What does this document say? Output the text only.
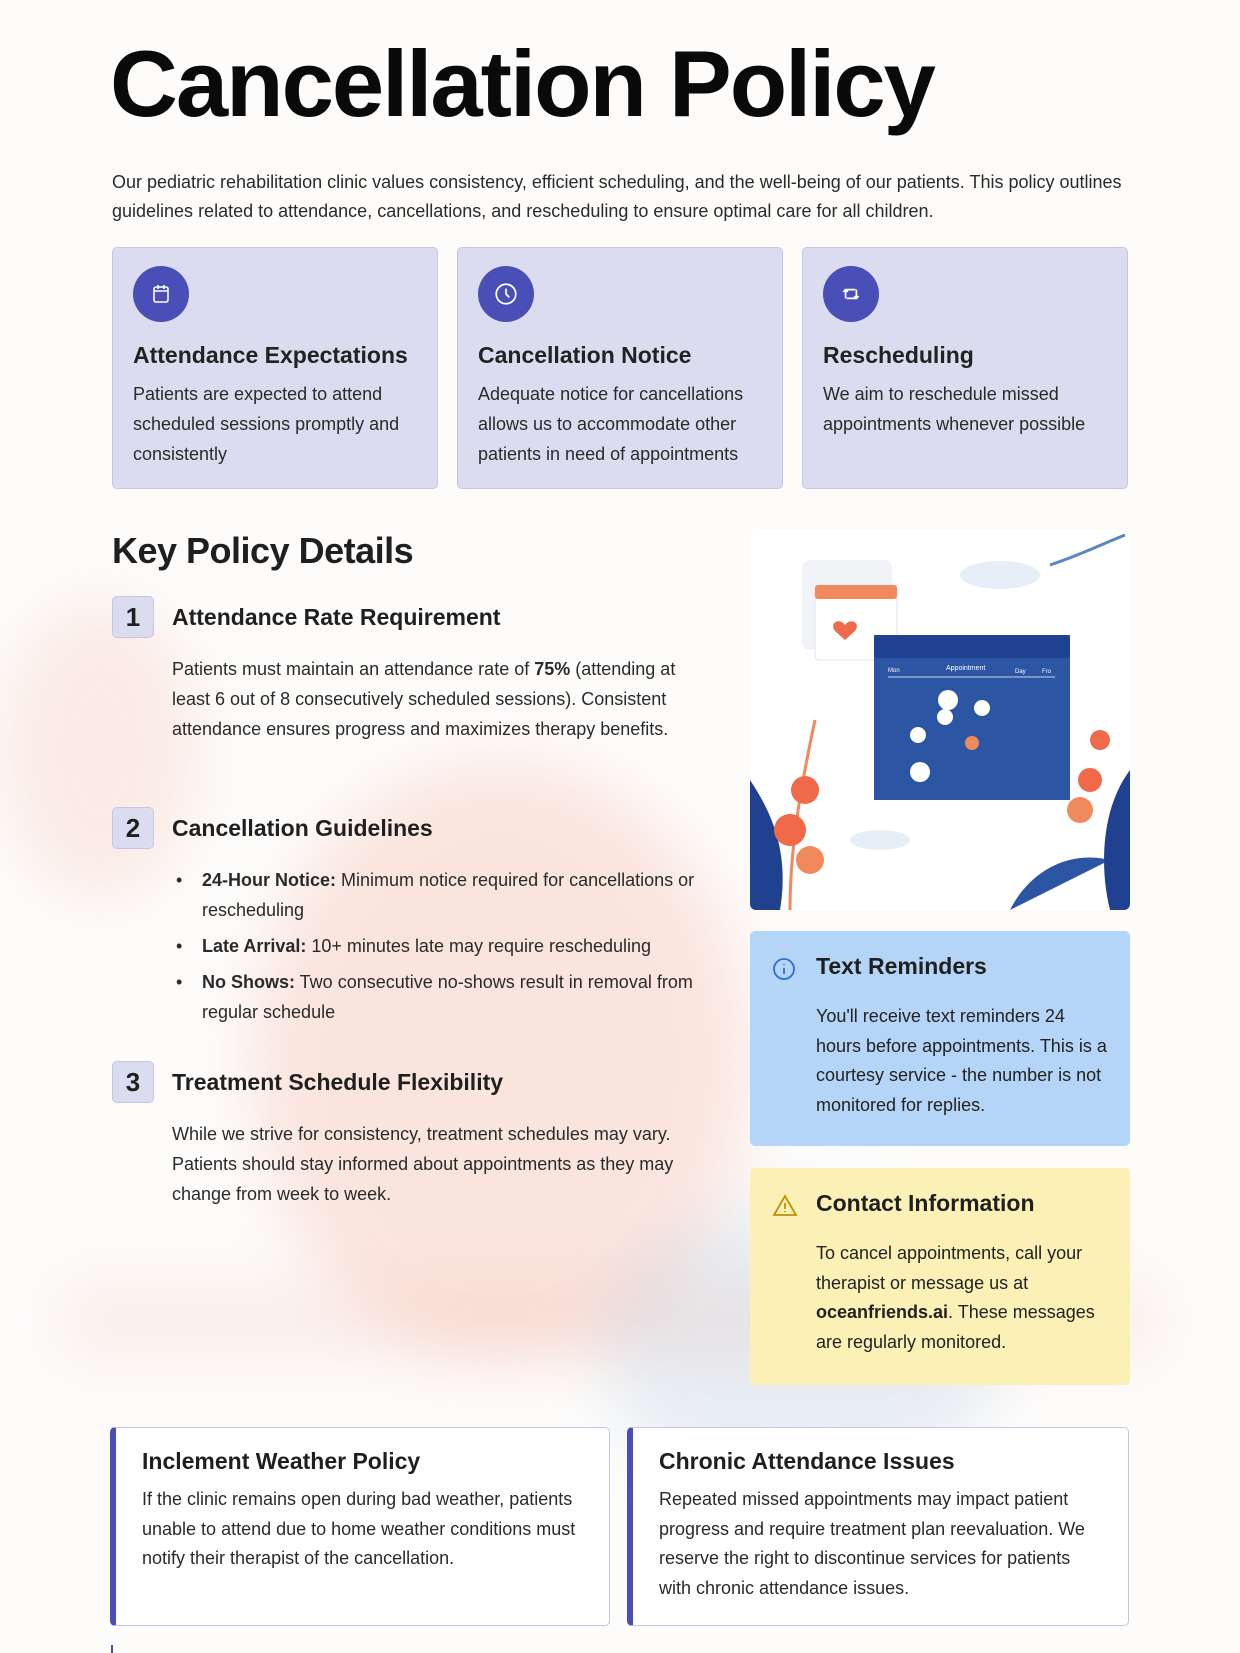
Cancellation Policy

Our pediatric rehabilitation clinic values consistency, efficient scheduling, and the well-being of our patients. This policy outlines guidelines related to attendance, cancellations, and rescheduling to ensure optimal care for all children.

Attendance Expectations

Patients are expected to attend scheduled sessions promptly and consistently

Cancellation Notice

Adequate notice for cancellations allows us to accommodate other patients in need of appointments

Rescheduling

We aim to reschedule missed appointments whenever possible

Key Policy Details
1	Attendance Rate Requirement

Patients must maintain an attendance rate of 75% (attending at least 6 out of 8 consecutively scheduled sessions). Consistent attendance ensures progress and maximizes therapy benefits.

2	Cancellation Guidelines
• 24-Hour Notice: Minimum notice required for cancellations or rescheduling
• Late Arrival: 10+ minutes late may require rescheduling
• No Shows: Two consecutive no-shows result in removal from regular schedule
3	Treatment Schedule Flexibility

While we strive for consistency, treatment schedules may vary. Patients should stay informed about appointments as they may change from week to week.

Mon	Appointment	Day	Fro
Text Reminders

You'll receive text reminders 24 hours before appointments. This is a courtesy service - the number is not monitored for replies.

Contact Information

To cancel appointments, call your therapist or message us at oceanfriends.ai. These messages are regularly monitored.

Inclement Weather Policy

If the clinic remains open during bad weather, patients unable to attend due to home weather conditions must notify their therapist of the cancellation.

Chronic Attendance Issues

Repeated missed appointments may impact patient progress and require treatment plan reevaluation. We reserve the right to discontinue services for patients with chronic attendance issues.
